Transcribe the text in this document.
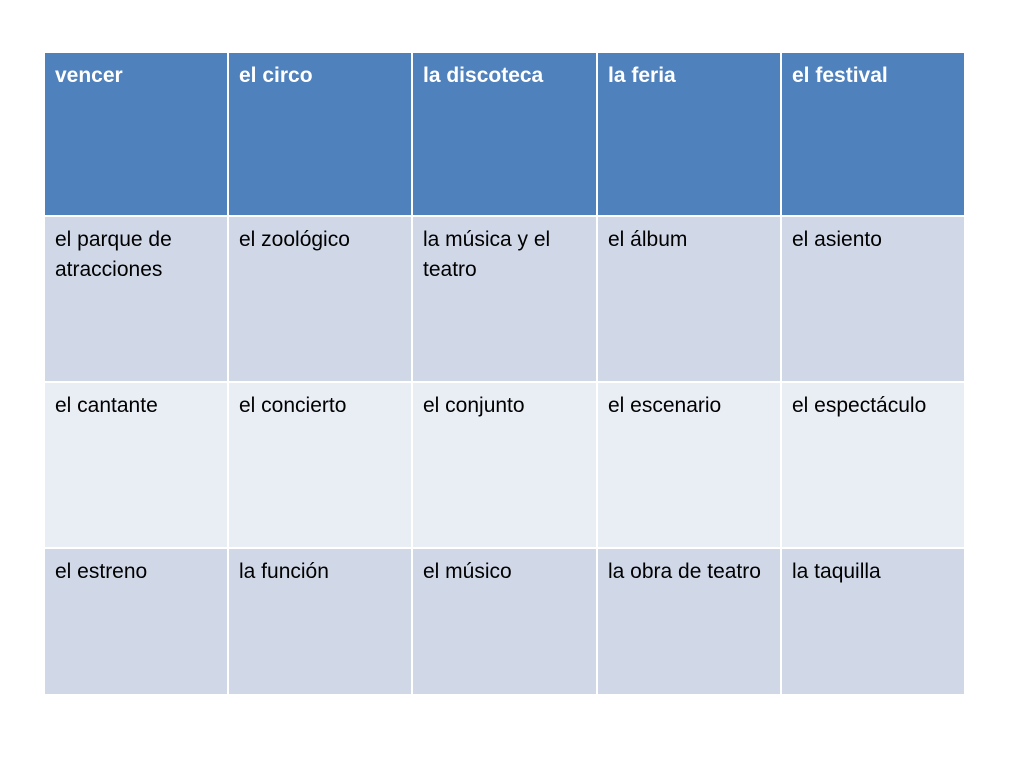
vencer	el circo	la discoteca	la feria	el festival
el parque de atracciones	el zoológico	la música y el teatro	el álbum	el asiento
el cantante	el concierto	el conjunto	el escenario	el espectáculo
el estreno	la función	el músico	la obra de teatro	la taquilla
